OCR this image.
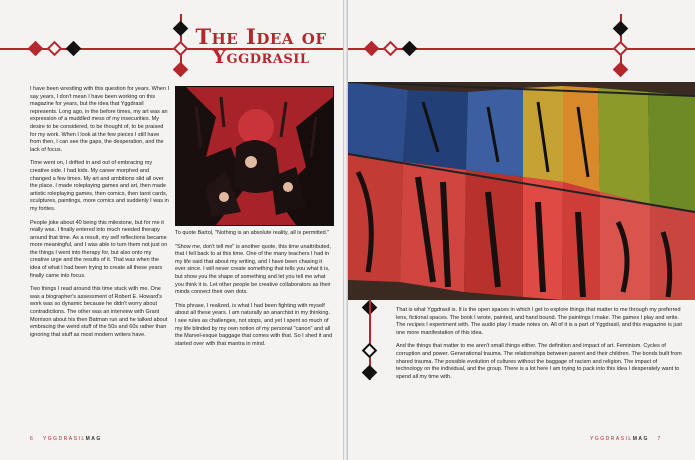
The Idea of
Yggdrasil

I have been wrestling with this question for years. When I say years, I don't mean I have been working on this magazine for years, but the idea that Yggdrasil represents. Long ago, in the before times, my art was an expression of a muddled mess of my insecurities. My desire to be considered, to be thought of, to be praised for my work. When I look at the few pieces I still have from then, I can see the gaps, the desperation, and the lack of focus.

Time went on, I drifted in and out of embracing my creative side. I had kids. My career morphed and changed a few times. My art and ambitions slid all over the place. I made roleplaying games and art, then made artistic roleplaying games, then comics, then tarot cards, sculptures, paintings, more comics and suddenly I was in my forties.

People joke about 40 being this milestone, but for me it really was. I finally entered into much needed therapy around that time. As a result, my self reflections became more meaningful, and I was able to turn them not just on the things I went into therapy for, but also onto my creative urge and the results of it. That was when the idea of what I had been trying to create all these years finally came into focus.

Two things I read around this time stuck with me. One was a biographer's assessment of Robert E. Howard's work was so dynamic because he didn't worry about contradictions. The other was an interview with Grant Morrison about his then Batman run and he talked about embracing the weird stuff of the 50s and 60s rather than ignoring that stuff as most modern writers have.

To quote Bartol, "Nothing is an absolute reality, all is permitted."

"Show me, don't tell me" is another quote, this time unattributed, that I fell back to at this time. One of the many teachers I had in my life said that about my writing, and I have been chasing it ever since. I will never create something that tells you what it is, but show you the shape of something and let you tell me what you think it is. Let other people be creative collaborators as their minds connect their own dots.

This phrase, I realized, is what I had been fighting with myself about all these years. I am naturally an anarchist in my thinking. I see rules as challenges, not stops, and yet I spent so much of my life blinded by my own notion of my personal "canon" and all the Marvel-esque baggage that comes with that. So I shed it and started over with that mantra in mind.

6 YGGDRASILMAG

That is what Yggdrasil is. It is the open spaces in which I get to explore things that matter to me through my preferred lens, fictional spaces. The book I wrote, painted, and hand bound. The paintings I make. The games I play and write. The recipes I experiment with. The audio play I made notes on. All of it is a part of Yggdrasil, and this magazine is just one more manifestation of this idea.

And the things that matter to me aren't small things either. The definition and impact of art. Feminism. Cycles of corruption and power. Generational trauma. The relationships between parent and their children. The bonds built from shared trauma. The possible evolution of cultures without the baggage of racism and religion. The impact of technology on the individual, and the group. There is a lot here I am trying to pack into this idea I desperately want to spend all my time with.

YGGDRASILMAG 7
